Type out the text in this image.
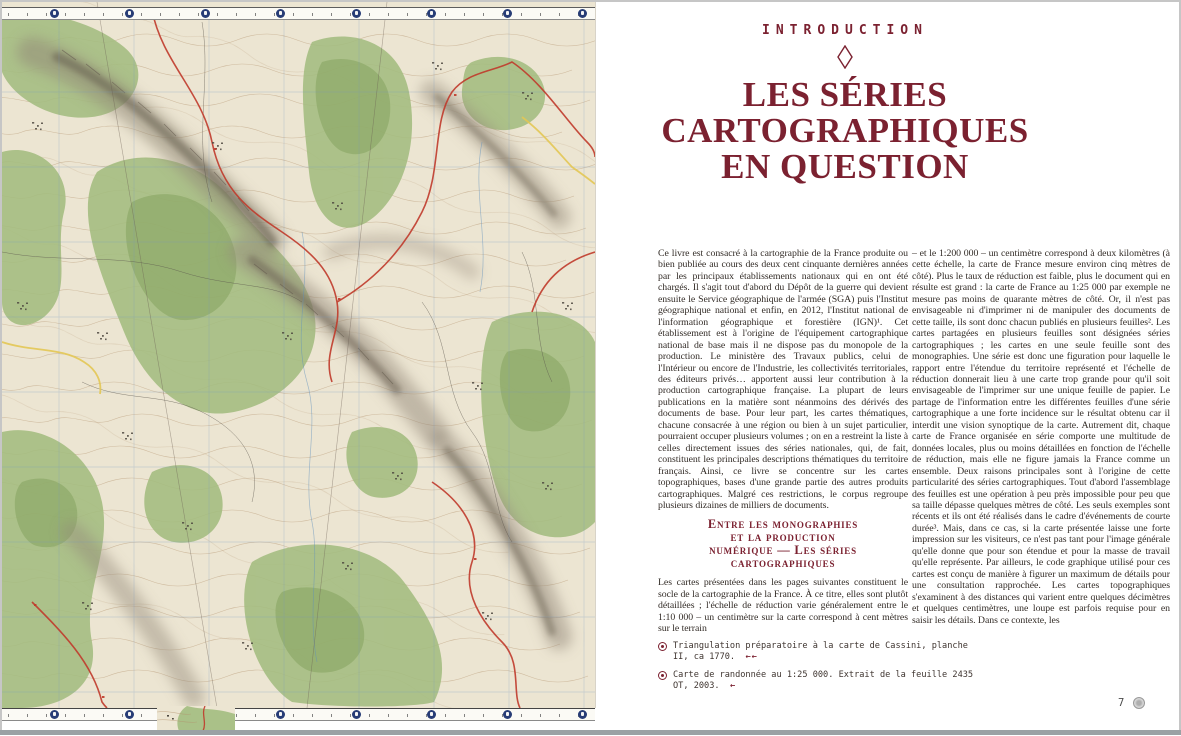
INTRODUCTION
LES SÉRIES
CARTOGRAPHIQUES
EN QUESTION

Ce livre est consacré à la cartographie de la France produite ou bien publiée au cours des deux cent cinquante dernières années par les principaux établissements nationaux qui en ont été chargés. Il s'agit tout d'abord du Dépôt de la guerre qui devient ensuite le Service géographique de l'armée (SGA) puis l'Institut géographique national et enfin, en 2012, l'Institut national de l'information géographique et forestière (IGN)¹. Cet établissement est à l'origine de l'équipement cartographique national de base mais il ne dispose pas du monopole de la production. Le ministère des Travaux publics, celui de l'Intérieur ou encore de l'Industrie, les collectivités territoriales, des éditeurs privés… apportent aussi leur contribution à la production cartographique française. La plupart de leurs publications en la matière sont néanmoins des dérivés des documents de base. Pour leur part, les cartes thématiques, chacune consacrée à une région ou bien à un sujet particulier, pourraient occuper plusieurs volumes ; on en a restreint la liste à celles directement issues des séries nationales, qui, de fait, constituent les principales descriptions thématiques du territoire français. Ainsi, ce livre se concentre sur les cartes topographiques, bases d'une grande partie des autres produits cartographiques. Malgré ces restrictions, le corpus regroupe plusieurs dizaines de milliers de documents.

Entre les monographies
et la production
numérique — Les séries
cartographiques

Les cartes présentées dans les pages suivantes constituent le socle de la cartographie de la France. À ce titre, elles sont plutôt détaillées ; l'échelle de réduction varie généralement entre le 1:10 000 – un centimètre sur la carte correspond à cent mètres sur le terrain

– et le 1:200 000 – un centimètre correspond à deux kilomètres (à cette échelle, la carte de France mesure environ cinq mètres de côté). Plus le taux de réduction est faible, plus le document qui en résulte est grand : la carte de France au 1:25 000 par exemple ne mesure pas moins de quarante mètres de côté. Or, il n'est pas envisageable ni d'imprimer ni de manipuler des documents de cette taille, ils sont donc chacun publiés en plusieurs feuilles². Les cartes partagées en plusieurs feuilles sont désignées séries cartographiques ; les cartes en une seule feuille sont des monographies. Une série est donc une figuration pour laquelle le rapport entre l'étendue du territoire représenté et l'échelle de réduction donnerait lieu à une carte trop grande pour qu'il soit envisageable de l'imprimer sur une unique feuille de papier. Le partage de l'information entre les différentes feuilles d'une série cartographique a une forte incidence sur le résultat obtenu car il interdit une vision synoptique de la carte. Autrement dit, chaque carte de France organisée en série comporte une multitude de données locales, plus ou moins détaillées en fonction de l'échelle de réduction, mais elle ne figure jamais la France comme un ensemble. Deux raisons principales sont à l'origine de cette particularité des séries cartographiques. Tout d'abord l'assemblage des feuilles est une opération à peu près impossible pour peu que sa taille dépasse quelques mètres de côté. Les seuls exemples sont récents et ils ont été réalisés dans le cadre d'événements de courte durée³. Mais, dans ce cas, si la carte présentée laisse une forte impression sur les visiteurs, ce n'est pas tant pour l'image générale qu'elle donne que pour son étendue et pour la masse de travail qu'elle représente. Par ailleurs, le code graphique utilisé pour ces cartes est conçu de manière à figurer un maximum de détails pour une consultation rapprochée. Les cartes topographiques s'examinent à des distances qui varient entre quelques décimètres et quelques centimètres, une loupe est parfois requise pour en saisir les détails. Dans ce contexte, les

Triangulation préparatoire à la carte de Cassini, planche II, ca 1770. ←←
Carte de randonnée au 1:25 000. Extrait de la feuille 2435 OT, 2003. ←
7
